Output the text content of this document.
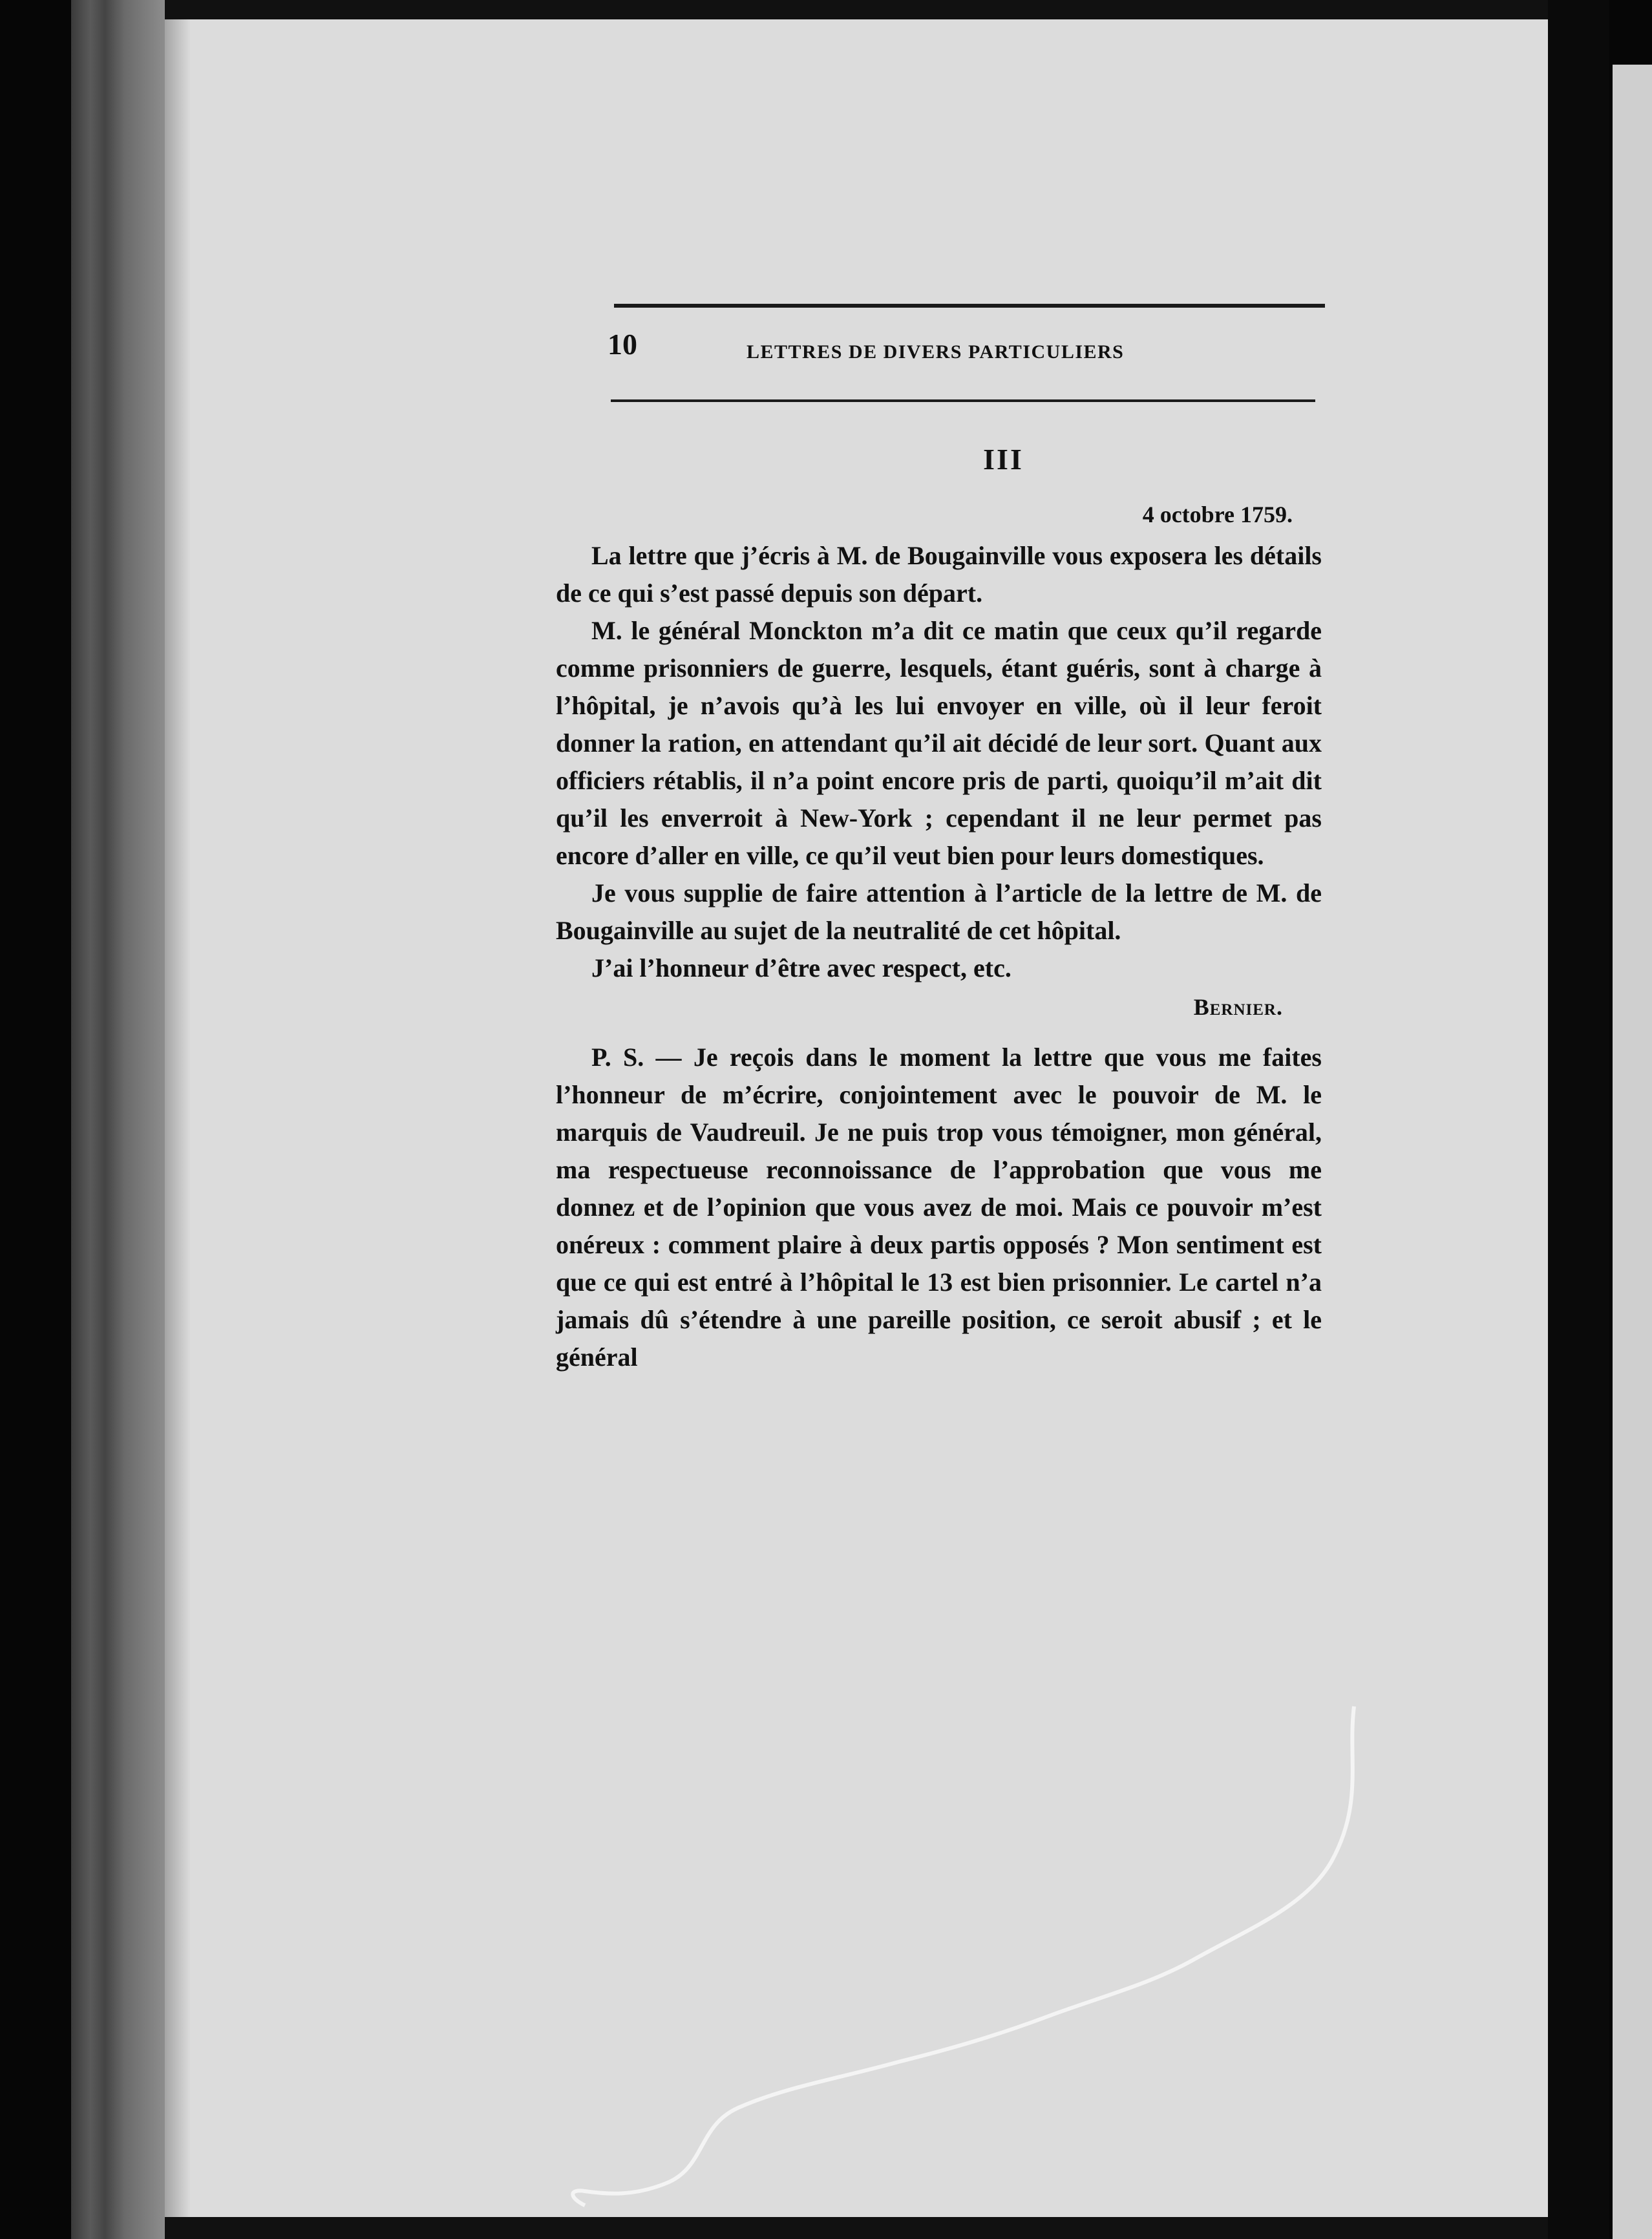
10	LETTRES DE DIVERS PARTICULIERS
III
4 octobre 1759.

La lettre que j’écris à M. de Bougainville vous exposera les détails de ce qui s’est passé depuis son départ.

M. le général Monckton m’a dit ce matin que ceux qu’il regarde comme prisonniers de guerre, lesquels, étant guéris, sont à charge à l’hôpital, je n’avois qu’à les lui envoyer en ville, où il leur feroit donner la ration, en attendant qu’il ait décidé de leur sort. Quant aux officiers rétablis, il n’a point encore pris de parti, quoiqu’il m’ait dit qu’il les enverroit à New-York ; cependant il ne leur permet pas encore d’aller en ville, ce qu’il veut bien pour leurs domestiques.

Je vous supplie de faire attention à l’article de la lettre de M. de Bougainville au sujet de la neutralité de cet hôpital.

J’ai l’honneur d’être avec respect, etc.

Bernier.

P. S. — Je reçois dans le moment la lettre que vous me faites l’honneur de m’écrire, conjointement avec le pouvoir de M. le marquis de Vaudreuil. Je ne puis trop vous témoigner, mon général, ma respectueuse reconnoissance de l’approbation que vous me donnez et de l’opinion que vous avez de moi. Mais ce pouvoir m’est onéreux : comment plaire à deux partis opposés ? Mon sentiment est que ce qui est entré à l’hôpital le 13 est bien prisonnier. Le cartel n’a jamais dû s’étendre à une pareille position, ce seroit abusif ; et le général
